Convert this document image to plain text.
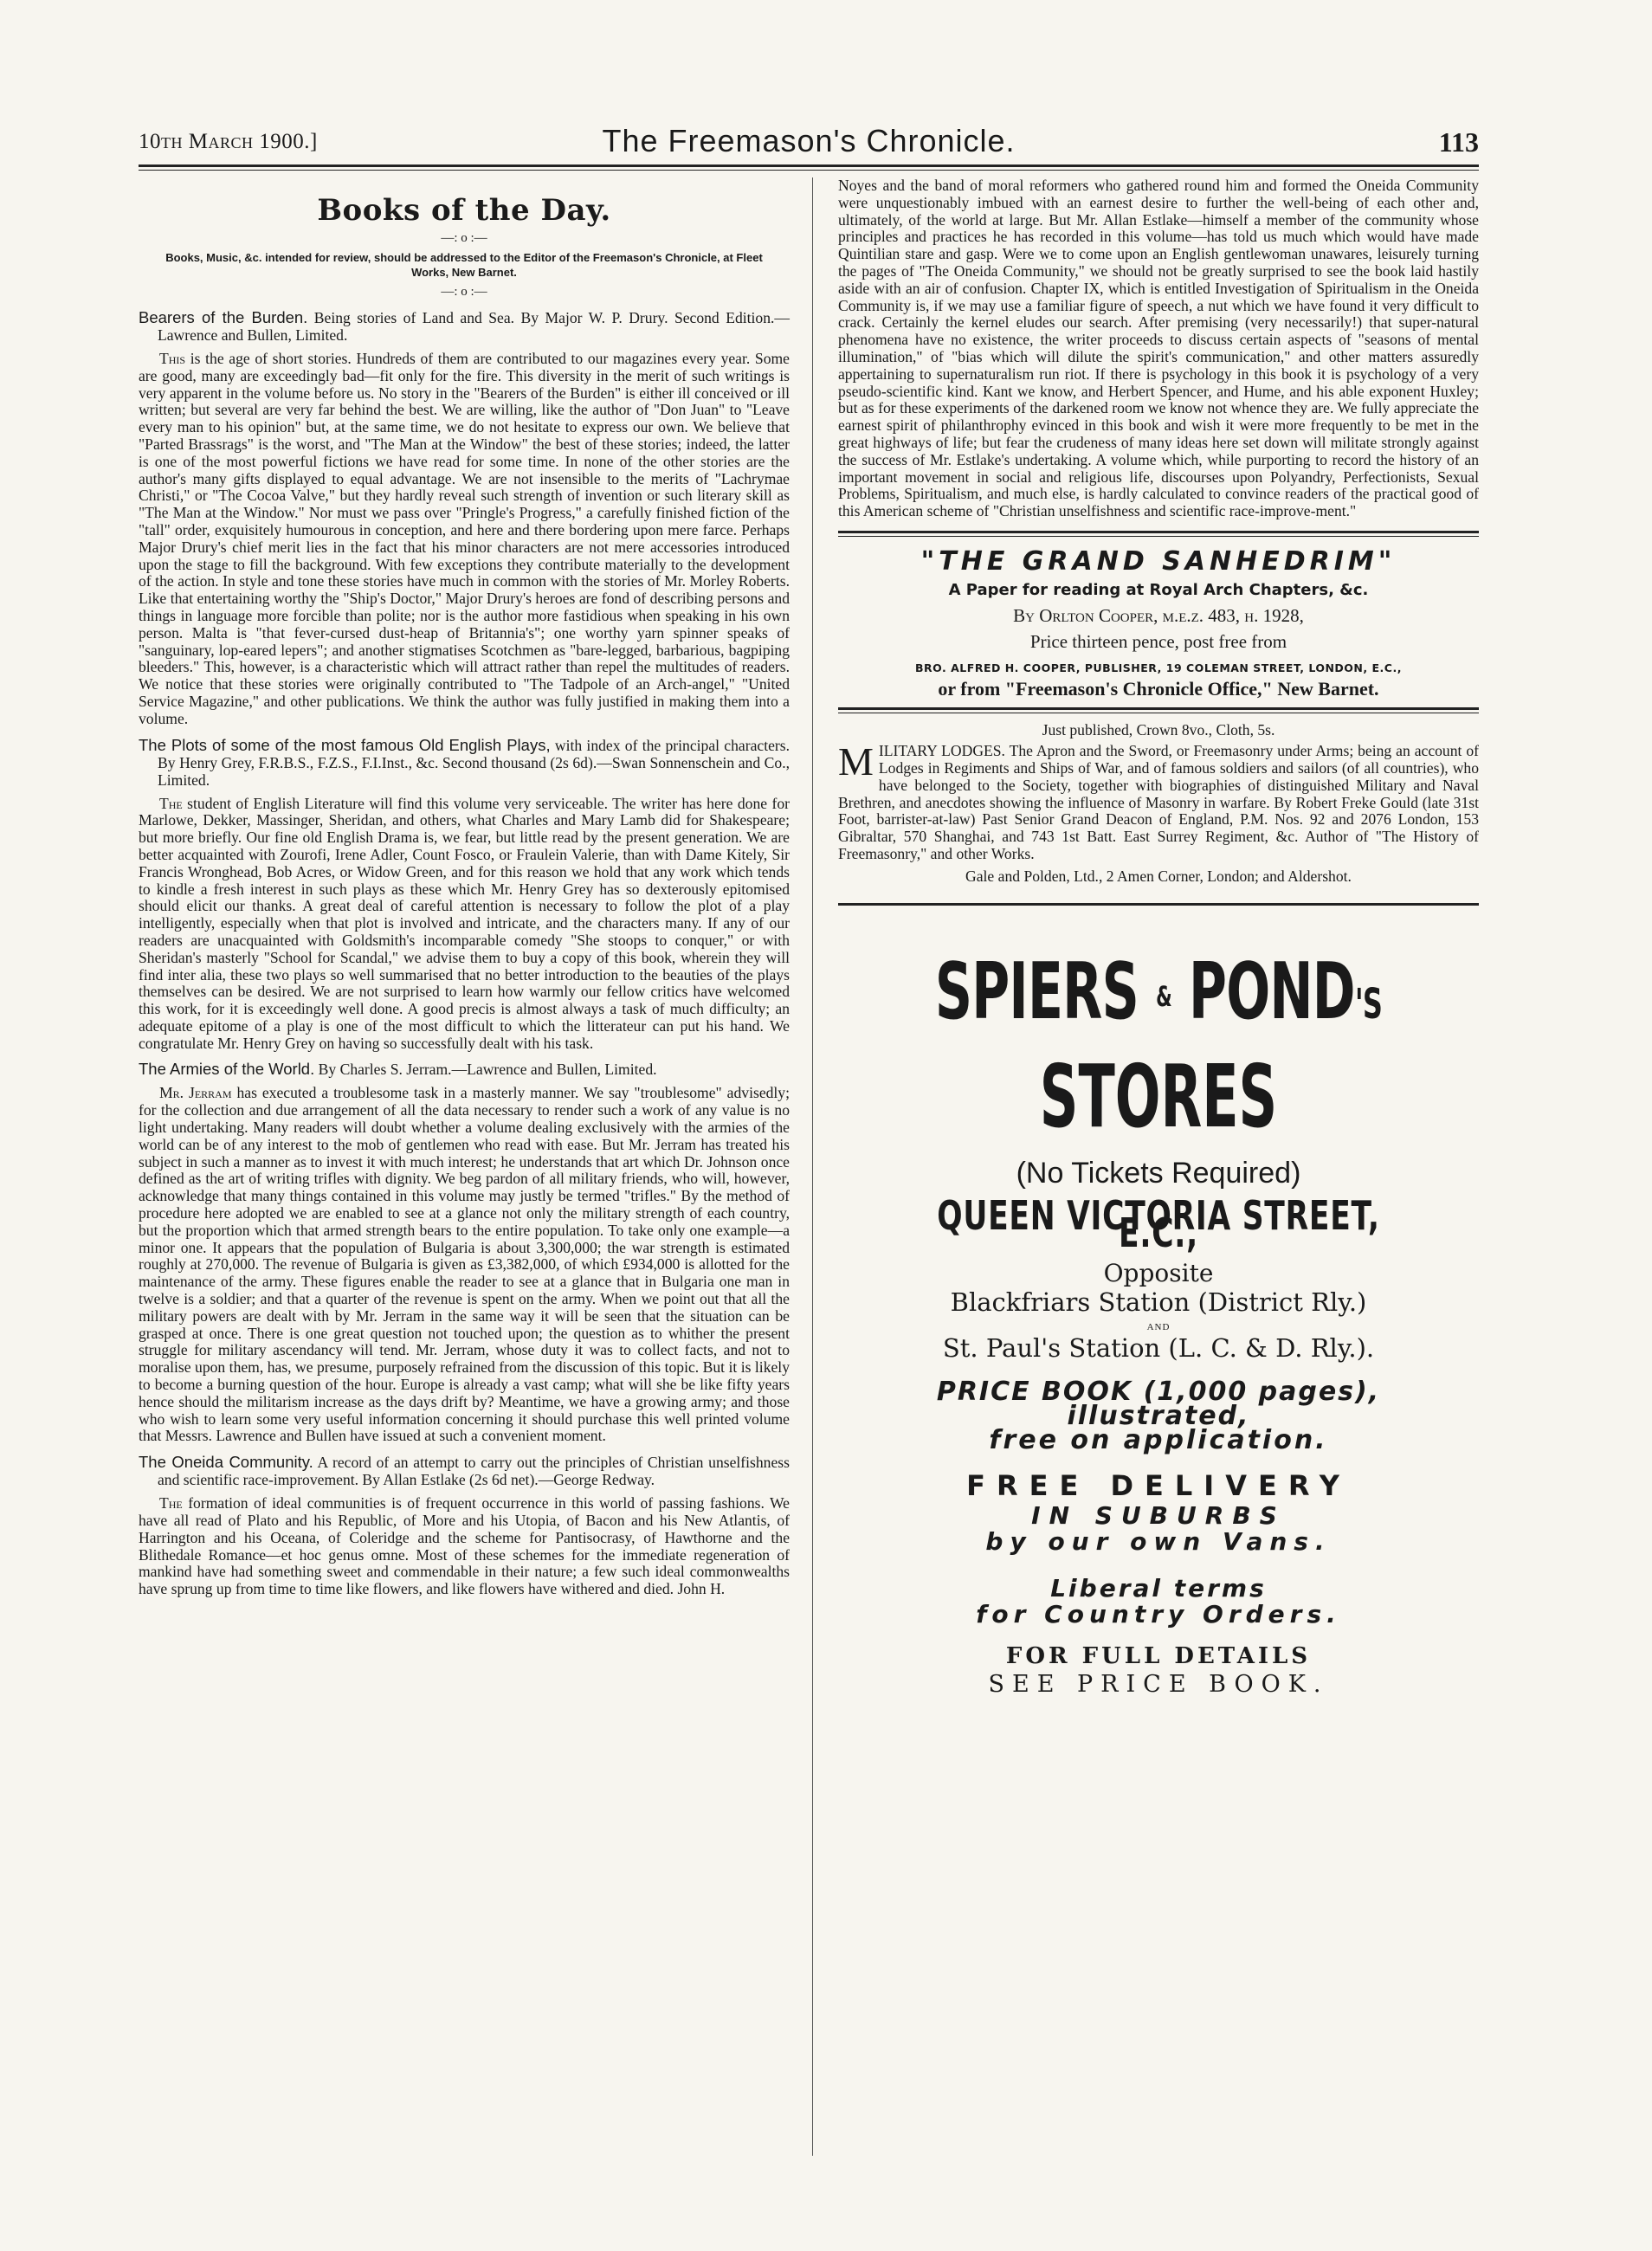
10th March 1900.]	The Freemason's Chronicle.	113
Books of the Day.
—: o :—
Books, Music, &c. intended for review, should be addressed to the Editor of the Freemason's Chronicle, at Fleet Works, New Barnet.
—: o :—
Bearers of the Burden. Being stories of Land and Sea. By Major W. P. Drury. Second Edition.—Lawrence and Bullen, Limited.

This is the age of short stories. Hundreds of them are contributed to our magazines every year. Some are good, many are exceedingly bad—fit only for the fire. This diversity in the merit of such writings is very apparent in the volume before us. No story in the "Bearers of the Burden" is either ill conceived or ill written; but several are very far behind the best. We are willing, like the author of "Don Juan" to "Leave every man to his opinion" but, at the same time, we do not hesitate to express our own. We believe that "Parted Brassrags" is the worst, and "The Man at the Window" the best of these stories; indeed, the latter is one of the most powerful fictions we have read for some time. In none of the other stories are the author's many gifts displayed to equal advantage. We are not insensible to the merits of "Lachrymae Christi," or "The Cocoa Valve," but they hardly reveal such strength of invention or such literary skill as "The Man at the Window." Nor must we pass over "Pringle's Progress," a carefully finished fiction of the "tall" order, exquisitely humourous in conception, and here and there bordering upon mere farce. Perhaps Major Drury's chief merit lies in the fact that his minor characters are not mere accessories introduced upon the stage to fill the background. With few exceptions they contribute materially to the development of the action. In style and tone these stories have much in common with the stories of Mr. Morley Roberts. Like that entertaining worthy the "Ship's Doctor," Major Drury's heroes are fond of describing persons and things in language more forcible than polite; nor is the author more fastidious when speaking in his own person. Malta is "that fever-cursed dust-heap of Britannia's"; one worthy yarn spinner speaks of "sanguinary, lop-eared lepers"; and another stigmatises Scotchmen as "bare-legged, barbarious, bagpiping bleeders." This, however, is a characteristic which will attract rather than repel the multitudes of readers. We notice that these stories were originally contributed to "The Tadpole of an Arch-angel," "United Service Magazine," and other publications. We think the author was fully justified in making them into a volume.

The Plots of some of the most famous Old English Plays, with index of the principal characters. By Henry Grey, F.R.B.S., F.Z.S., F.I.Inst., &c. Second thousand (2s 6d).—Swan Sonnenschein and Co., Limited.

The student of English Literature will find this volume very serviceable. The writer has here done for Marlowe, Dekker, Massinger, Sheridan, and others, what Charles and Mary Lamb did for Shakespeare; but more briefly. Our fine old English Drama is, we fear, but little read by the present generation. We are better acquainted with Zourofi, Irene Adler, Count Fosco, or Fraulein Valerie, than with Dame Kitely, Sir Francis Wronghead, Bob Acres, or Widow Green, and for this reason we hold that any work which tends to kindle a fresh interest in such plays as these which Mr. Henry Grey has so dexterously epitomised should elicit our thanks. A great deal of careful attention is necessary to follow the plot of a play intelligently, especially when that plot is involved and intricate, and the characters many. If any of our readers are unacquainted with Goldsmith's incomparable comedy "She stoops to conquer," or with Sheridan's masterly "School for Scandal," we advise them to buy a copy of this book, wherein they will find inter alia, these two plays so well summarised that no better introduction to the beauties of the plays themselves can be desired. We are not surprised to learn how warmly our fellow critics have welcomed this work, for it is exceedingly well done. A good precis is almost always a task of much difficulty; an adequate epitome of a play is one of the most difficult to which the litterateur can put his hand. We congratulate Mr. Henry Grey on having so successfully dealt with his task.

The Armies of the World. By Charles S. Jerram.—Lawrence and Bullen, Limited.

Mr. Jerram has executed a troublesome task in a masterly manner. We say "troublesome" advisedly; for the collection and due arrangement of all the data necessary to render such a work of any value is no light undertaking. Many readers will doubt whether a volume dealing exclusively with the armies of the world can be of any interest to the mob of gentlemen who read with ease. But Mr. Jerram has treated his subject in such a manner as to invest it with much interest; he understands that art which Dr. Johnson once defined as the art of writing trifles with dignity. We beg pardon of all military friends, who will, however, acknowledge that many things contained in this volume may justly be termed "trifles." By the method of procedure here adopted we are enabled to see at a glance not only the military strength of each country, but the proportion which that armed strength bears to the entire population. To take only one example—a minor one. It appears that the population of Bulgaria is about 3,300,000; the war strength is estimated roughly at 270,000. The revenue of Bulgaria is given as £3,382,000, of which £934,000 is allotted for the maintenance of the army. These figures enable the reader to see at a glance that in Bulgaria one man in twelve is a soldier; and that a quarter of the revenue is spent on the army. When we point out that all the military powers are dealt with by Mr. Jerram in the same way it will be seen that the situation can be grasped at once. There is one great question not touched upon; the question as to whither the present struggle for military ascendancy will tend. Mr. Jerram, whose duty it was to collect facts, and not to moralise upon them, has, we presume, purposely refrained from the discussion of this topic. But it is likely to become a burning question of the hour. Europe is already a vast camp; what will she be like fifty years hence should the militarism increase as the days drift by? Meantime, we have a growing army; and those who wish to learn some very useful information concerning it should purchase this well printed volume that Messrs. Lawrence and Bullen have issued at such a convenient moment.

The Oneida Community. A record of an attempt to carry out the principles of Christian unselfishness and scientific race-improvement. By Allan Estlake (2s 6d net).—George Redway.

The formation of ideal communities is of frequent occurrence in this world of passing fashions. We have all read of Plato and his Republic, of More and his Utopia, of Bacon and his New Atlantis, of Harrington and his Oceana, of Coleridge and the scheme for Pantisocrasy, of Hawthorne and the Blithedale Romance—et hoc genus omne. Most of these schemes for the immediate regeneration of mankind have had something sweet and commendable in their nature; a few such ideal commonwealths have sprung up from time to time like flowers, and like flowers have withered and died. John H.

Noyes and the band of moral reformers who gathered round him and formed the Oneida Community were unquestionably imbued with an earnest desire to further the well-being of each other and, ultimately, of the world at large. But Mr. Allan Estlake—himself a member of the community whose principles and practices he has recorded in this volume—has told us much which would have made Quintilian stare and gasp. Were we to come upon an English gentlewoman unawares, leisurely turning the pages of "The Oneida Community," we should not be greatly surprised to see the book laid hastily aside with an air of confusion. Chapter IX, which is entitled Investigation of Spiritualism in the Oneida Community is, if we may use a familiar figure of speech, a nut which we have found it very difficult to crack. Certainly the kernel eludes our search. After premising (very necessarily!) that super-natural phenomena have no existence, the writer proceeds to discuss certain aspects of "seasons of mental illumination," of "bias which will dilute the spirit's communication," and other matters assuredly appertaining to supernaturalism run riot. If there is psychology in this book it is psychology of a very pseudo-scientific kind. Kant we know, and Herbert Spencer, and Hume, and his able exponent Huxley; but as for these experiments of the darkened room we know not whence they are. We fully appreciate the earnest spirit of philanthrophy evinced in this book and wish it were more frequently to be met in the great highways of life; but fear the crudeness of many ideas here set down will militate strongly against the success of Mr. Estlake's undertaking. A volume which, while purporting to record the history of an important movement in social and religious life, discourses upon Polyandry, Perfectionists, Sexual Problems, Spiritualism, and much else, is hardly calculated to convince readers of the practical good of this American scheme of "Christian unselfishness and scientific race-improve-ment."

"THE GRAND SANHEDRIM"
A Paper for reading at Royal Arch Chapters, &c.
By Orlton Cooper, m.e.z. 483, h. 1928,
Price thirteen pence, post free from
BRO. ALFRED H. COOPER, PUBLISHER, 19 COLEMAN STREET, LONDON, E.C.,
or from "Freemason's Chronicle Office," New Barnet.
Just published, Crown 8vo., Cloth, 5s.

MILITARY LODGES. The Apron and the Sword, or Freemasonry under Arms; being an account of Lodges in Regiments and Ships of War, and of famous soldiers and sailors (of all countries), who have belonged to the Society, together with biographies of distinguished Military and Naval Brethren, and anecdotes showing the influence of Masonry in warfare. By Robert Freke Gould (late 31st Foot, barrister-at-law) Past Senior Grand Deacon of England, P.M. Nos. 92 and 2076 London, 153 Gibraltar, 570 Shanghai, and 743 1st Batt. East Surrey Regiment, &c. Author of "The History of Freemasonry," and other Works.

Gale and Polden, Ltd., 2 Amen Corner, London; and Aldershot.
SPIERS & POND'S
STORES
(No Tickets Required)
QUEEN VICTORIA STREET, E.C.,
Opposite
Blackfriars Station (District Rly.)
AND
St. Paul's Station (L. C. & D. Rly.).
PRICE BOOK (1,000 pages),
illustrated,
free on application.
FREE DELIVERY
IN SUBURBS
by our own Vans.
Liberal terms
for Country Orders.
FOR FULL DETAILS
SEE PRICE BOOK.
